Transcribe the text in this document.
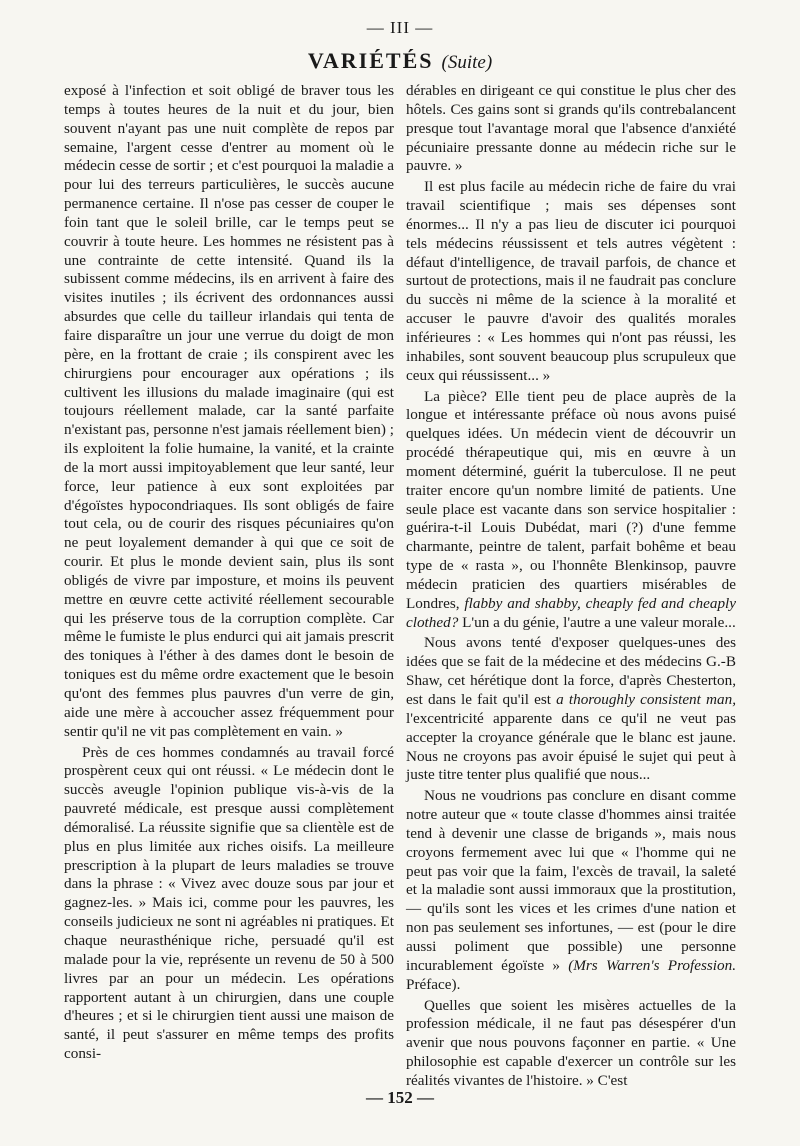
— III —
VARIÉTÉS (Suite)

exposé à l'infection et soit obligé de braver tous les temps à toutes heures de la nuit et du jour, bien souvent n'ayant pas une nuit complète de repos par semaine, l'argent cesse d'entrer au moment où le médecin cesse de sortir ; et c'est pourquoi la maladie a pour lui des terreurs particulières, le succès aucune permanence certaine. Il n'ose pas cesser de couper le foin tant que le soleil brille, car le temps peut se couvrir à toute heure. Les hommes ne résistent pas à une contrainte de cette intensité. Quand ils la subissent comme médecins, ils en arrivent à faire des visites inutiles ; ils écrivent des ordonnances aussi absurdes que celle du tailleur irlandais qui tenta de faire disparaître un jour une verrue du doigt de mon père, en la frottant de craie ; ils conspirent avec les chirurgiens pour encourager aux opérations ; ils cultivent les illusions du malade imaginaire (qui est toujours réellement malade, car la santé parfaite n'existant pas, personne n'est jamais réellement bien) ; ils exploitent la folie humaine, la vanité, et la crainte de la mort aussi impitoyablement que leur santé, leur force, leur patience à eux sont exploitées par d'égoïstes hypocondriaques. Ils sont obligés de faire tout cela, ou de courir des risques pécuniaires qu'on ne peut loyalement demander à qui que ce soit de courir. Et plus le monde devient sain, plus ils sont obligés de vivre par imposture, et moins ils peuvent mettre en œuvre cette activité réellement secourable qui les préserve tous de la corruption complète. Car même le fumiste le plus endurci qui ait jamais prescrit des toniques à l'éther à des dames dont le besoin de toniques est du même ordre exactement que le besoin qu'ont des femmes plus pauvres d'un verre de gin, aide une mère à accoucher assez fréquemment pour sentir qu'il ne vit pas complètement en vain. »

Près de ces hommes condamnés au travail forcé prospèrent ceux qui ont réussi. « Le médecin dont le succès aveugle l'opinion publique vis-à-vis de la pauvreté médicale, est presque aussi complètement démoralisé. La réussite signifie que sa clientèle est de plus en plus limitée aux riches oisifs. La meilleure prescription à la plupart de leurs maladies se trouve dans la phrase : « Vivez avec douze sous par jour et gagnez-les. » Mais ici, comme pour les pauvres, les conseils judicieux ne sont ni agréables ni pratiques. Et chaque neurasthénique riche, persuadé qu'il est malade pour la vie, représente un revenu de 50 à 500 livres par an pour un médecin. Les opérations rapportent autant à un chirurgien, dans une couple d'heures ; et si le chirurgien tient aussi une maison de santé, il peut s'assurer en même temps des profits consi-

dérables en dirigeant ce qui constitue le plus cher des hôtels. Ces gains sont si grands qu'ils contrebalancent presque tout l'avantage moral que l'absence d'anxiété pécuniaire pressante donne au médecin riche sur le pauvre. »

Il est plus facile au médecin riche de faire du vrai travail scientifique ; mais ses dépenses sont énormes... Il n'y a pas lieu de discuter ici pourquoi tels médecins réussissent et tels autres végètent : défaut d'intelligence, de travail parfois, de chance et surtout de protections, mais il ne faudrait pas conclure du succès ni même de la science à la moralité et accuser le pauvre d'avoir des qualités morales inférieures : « Les hommes qui n'ont pas réussi, les inhabiles, sont souvent beaucoup plus scrupuleux que ceux qui réussissent... »

La pièce? Elle tient peu de place auprès de la longue et intéressante préface où nous avons puisé quelques idées. Un médecin vient de découvrir un procédé thérapeutique qui, mis en œuvre à un moment déterminé, guérit la tuberculose. Il ne peut traiter encore qu'un nombre limité de patients. Une seule place est vacante dans son service hospitalier : guérira-t-il Louis Dubédat, mari (?) d'une femme charmante, peintre de talent, parfait bohême et beau type de « rasta », ou l'honnête Blenkinsop, pauvre médecin praticien des quartiers misérables de Londres, flabby and shabby, cheaply fed and cheaply clothed? L'un a du génie, l'autre a une valeur morale...

Nous avons tenté d'exposer quelques-unes des idées que se fait de la médecine et des médecins G.-B Shaw, cet hérétique dont la force, d'après Chesterton, est dans le fait qu'il est a thoroughly consistent man, l'excentricité apparente dans ce qu'il ne veut pas accepter la croyance générale que le blanc est jaune. Nous ne croyons pas avoir épuisé le sujet qui peut à juste titre tenter plus qualifié que nous...

Nous ne voudrions pas conclure en disant comme notre auteur que « toute classe d'hommes ainsi traitée tend à devenir une classe de brigands », mais nous croyons fermement avec lui que « l'homme qui ne peut pas voir que la faim, l'excès de travail, la saleté et la maladie sont aussi immoraux que la prostitution, — qu'ils sont les vices et les crimes d'une nation et non pas seulement ses infortunes, — est (pour le dire aussi poliment que possible) une personne incurablement égoïste » (Mrs Warren's Profession. Préface).

Quelles que soient les misères actuelles de la profession médicale, il ne faut pas désespérer d'un avenir que nous pouvons façonner en partie. « Une philosophie est capable d'exercer un contrôle sur les réalités vivantes de l'histoire. » C'est

— 152 —
